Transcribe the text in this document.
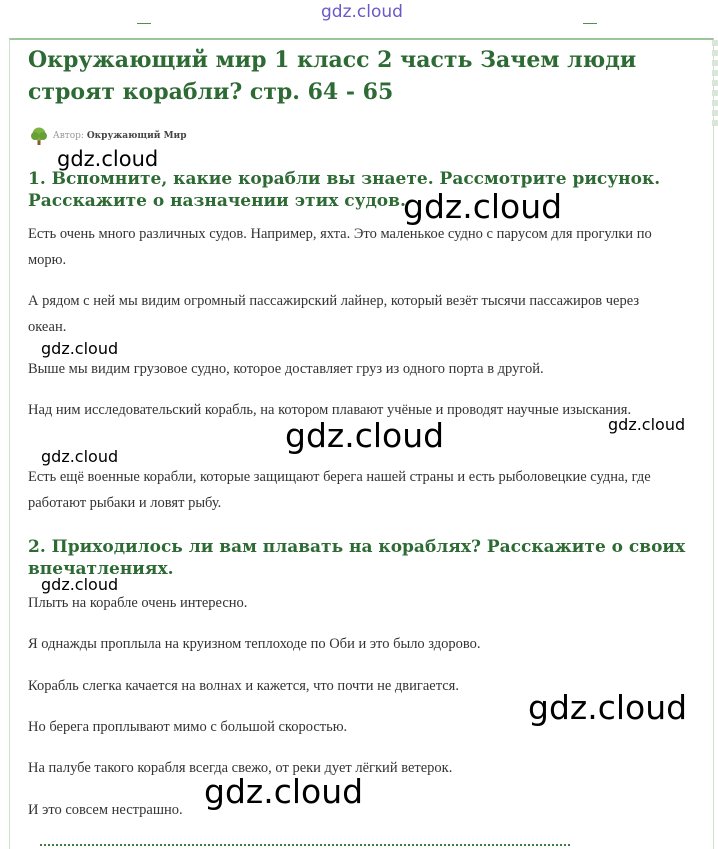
gdz.cloud
Окружающий мир 1 класс 2 часть Зачем люди строят корабли? стр. 64 - 65
Автор: Окружающий Мир
1. Вспомните, какие корабли вы знаете. Рассмотрите рисунок. Расскажите о назначении этих судов.

Есть очень много различных судов. Например, яхта. Это маленькое судно с парусом для прогулки по морю.

А рядом с ней мы видим огромный пассажирский лайнер, который везёт тысячи пассажиров через океан.

Выше мы видим грузовое судно, которое доставляет груз из одного порта в другой.

Над ним исследовательский корабль, на котором плавают учёные и проводят научные изыскания.

Есть ещё военные корабли, которые защищают берега нашей страны и есть рыболовецкие судна, где работают рыбаки и ловят рыбу.

2. Приходилось ли вам плавать на кораблях? Расскажите о своих впечатлениях.

Плыть на корабле очень интересно.

Я однажды проплыла на круизном теплоходе по Оби и это было здорово.

Корабль слегка качается на волнах и кажется, что почти не двигается.

Но берега проплывают мимо с большой скоростью.

На палубе такого корабля всегда свежо, от реки дует лёгкий ветерок.

И это совсем нестрашно.

gdz.cloud
gdz.cloud
gdz.cloud
gdz.cloud	gdz.cloud
gdz.cloud
gdz.cloud
gdz.cloud
gdz.cloud
